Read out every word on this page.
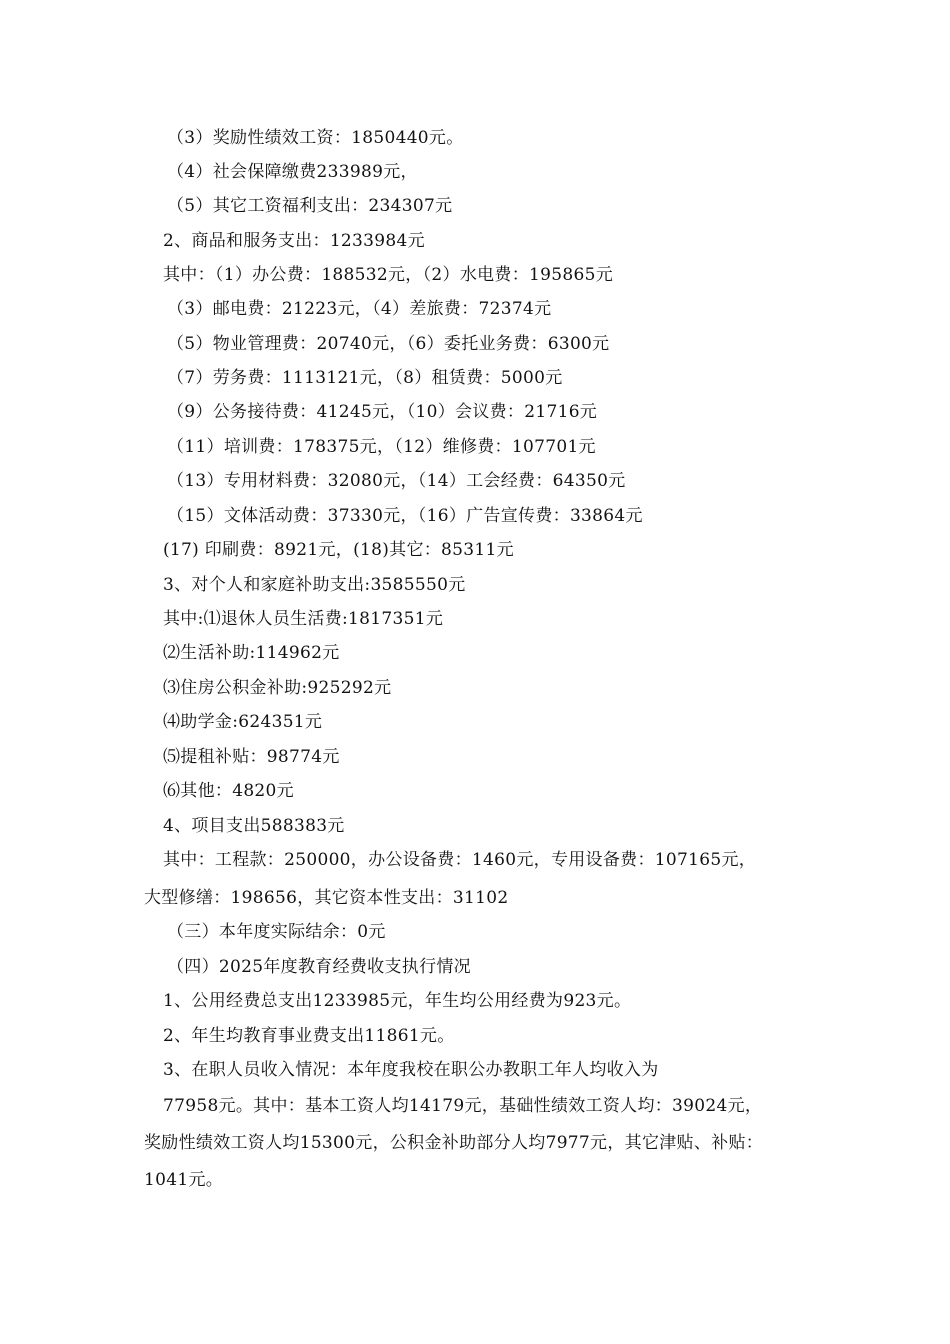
（3）奖励性绩效工资：1850440元。
（4）社会保障缴费233989元，
（5）其它工资福利支出：234307元
2、商品和服务支出：1233984元
其中：（1）办公费：188532元，（2）水电费：195865元
（3）邮电费：21223元，（4）差旅费：72374元
（5）物业管理费：20740元，（6）委托业务费：6300元
（7）劳务费：1113121元，（8）租赁费：5000元
（9）公务接待费：41245元，（10）会议费：21716元
（11）培训费：178375元，（12）维修费：107701元
（13）专用材料费：32080元，（14）工会经费：64350元
（15）文体活动费：37330元，（16）广告宣传费：33864元
(17) 印刷费：8921元，(18)其它：85311元
3、对个人和家庭补助支出:3585550元
其中:⑴退休人员生活费:1817351元
⑵生活补助:114962元
⑶住房公积金补助:925292元
⑷助学金:624351元
⑸提租补贴：98774元
⑹其他：4820元
4、项目支出588383元
其中：工程款：250000，办公设备费：1460元，专用设备费：107165元，
大型修缮：198656，其它资本性支出：31102
（三）本年度实际结余：0元
（四）2025年度教育经费收支执行情况
1、公用经费总支出1233985元，年生均公用经费为923元。
2、年生均教育事业费支出11861元。
3、在职人员收入情况：本年度我校在职公办教职工年人均收入为
77958元。其中：基本工资人均14179元，基础性绩效工资人均：39024元，
奖励性绩效工资人均15300元，公积金补助部分人均7977元，其它津贴、补贴：
1041元。
